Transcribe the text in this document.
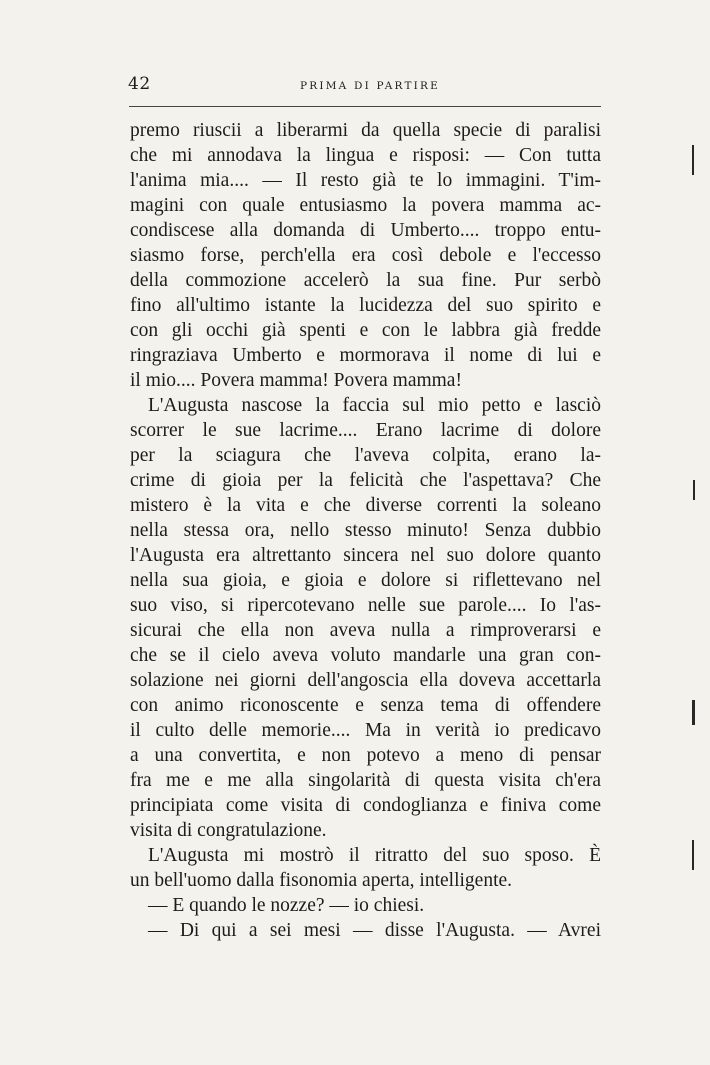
42	PRIMA DI PARTIRE
premo riuscii a liberarmi da quella specie di paralisi
che mi annodava la lingua e risposi: — Con tutta
l'anima mia.... — Il resto già te lo immagini. T'im-
magini con quale entusiasmo la povera mamma ac-
condiscese alla domanda di Umberto.... troppo entu-
siasmo forse, perch'ella era così debole e l'eccesso
della commozione accelerò la sua fine. Pur serbò
fino all'ultimo istante la lucidezza del suo spirito e
con gli occhi già spenti e con le labbra già fredde
ringraziava Umberto e mormorava il nome di lui e
il mio.... Povera mamma! Povera mamma!
L'Augusta nascose la faccia sul mio petto e lasciò
scorrer le sue lacrime.... Erano lacrime di dolore
per la sciagura che l'aveva colpita, erano la-
crime di gioia per la felicità che l'aspettava? Che
mistero è la vita e che diverse correnti la soleano
nella stessa ora, nello stesso minuto! Senza dubbio
l'Augusta era altrettanto sincera nel suo dolore quanto
nella sua gioia, e gioia e dolore si riflettevano nel
suo viso, si ripercotevano nelle sue parole.... Io l'as-
sicurai che ella non aveva nulla a rimproverarsi e
che se il cielo aveva voluto mandarle una gran con-
solazione nei giorni dell'angoscia ella doveva accettarla
con animo riconoscente e senza tema di offendere
il culto delle memorie.... Ma in verità io predicavo
a una convertita, e non potevo a meno di pensar
fra me e me alla singolarità di questa visita ch'era
principiata come visita di condoglianza e finiva come
visita di congratulazione.
L'Augusta mi mostrò il ritratto del suo sposo. È
un bell'uomo dalla fisonomia aperta, intelligente.
— E quando le nozze? — io chiesi.
— Di qui a sei mesi — disse l'Augusta. — Avrei
